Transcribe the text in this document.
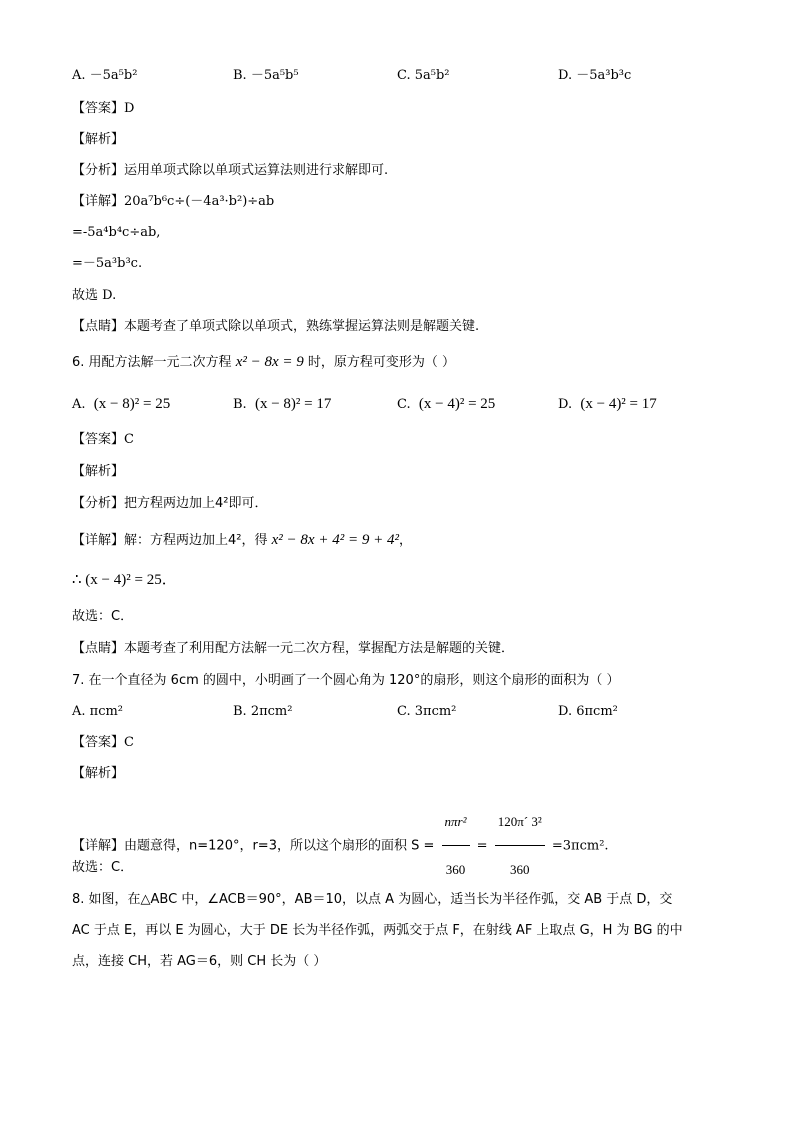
A. －5a⁵b²	B. －5a⁵b⁵	C. 5a⁵b²	D. －5a³b³c
【答案】D
【解析】
【分析】运用单项式除以单项式运算法则进行求解即可.
【详解】20a⁷b⁶c÷(－4a³·b²)÷ab
=-5a⁴b⁴c÷ab,
=－5a³b³c.
故选 D.
【点睛】本题考查了单项式除以单项式，熟练掌握运算法则是解题关键.
6. 用配方法解一元二次方程 x² − 8x = 9 时，原方程可变形为（ ）
A. (x − 8)² = 25	B. (x − 8)² = 17	C. (x − 4)² = 25	D. (x − 4)² = 17
【答案】C
【解析】
【分析】把方程两边加上4²即可．
【详解】解：方程两边加上4²，得 x² − 8x + 4² = 9 + 4²，
∴ (x − 4)² = 25．
故选：C．
【点睛】本题考查了利用配方法解一元二次方程，掌握配方法是解题的关键．
7. 在一个直径为 6cm 的圆中，小明画了一个圆心角为 120°的扇形，则这个扇形的面积为（ ）
A. πcm²	B. 2πcm²	C. 3πcm²	D. 6πcm²
【答案】C
【解析】
【详解】由题意得，n=120°，r=3，所以这个扇形的面积 $S = \frac{\text{nπr²}}{360} = \frac{\text{120π´ 3²}}{360} =3\pi cm^2$.
故选：C．
8. 如图，在△ABC 中，∠ACB＝90°，AB＝10，以点 A 为圆心，适当长为半径作弧，交 AB 于点 D，交
AC 于点 E，再以 E 为圆心，大于 DE 长为半径作弧，两弧交于点 F，在射线 AF 上取点 G，H 为 BG 的中
点，连接 CH，若 AG＝6，则 CH 长为（ ）
